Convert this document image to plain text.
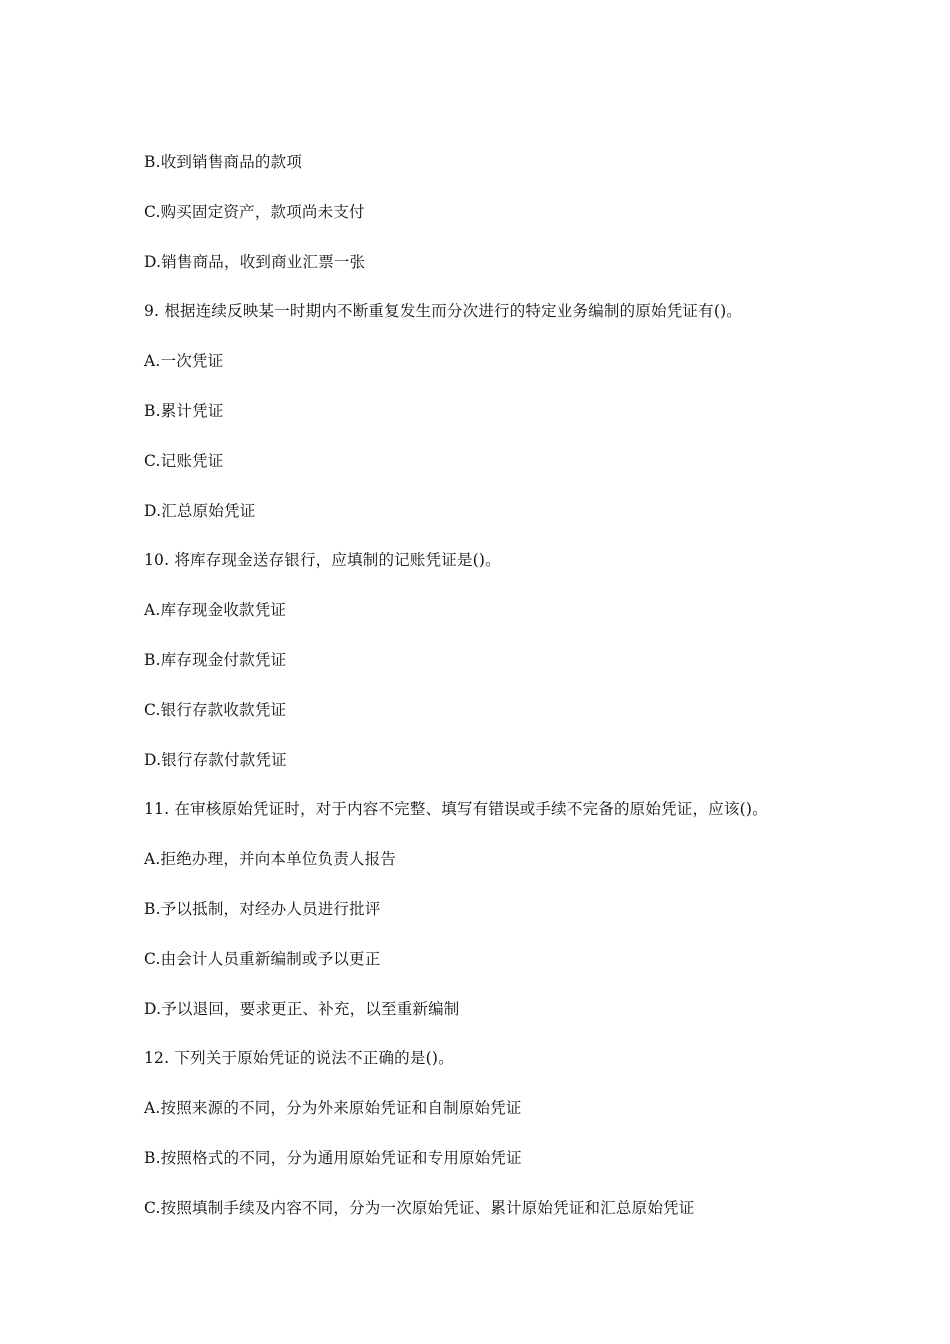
B.收到销售商品的款项
C.购买固定资产，款项尚未支付
D.销售商品，收到商业汇票一张
9. 根据连续反映某一时期内不断重复发生而分次进行的特定业务编制的原始凭证有()。
A.一次凭证
B.累计凭证
C.记账凭证
D.汇总原始凭证
10. 将库存现金送存银行，应填制的记账凭证是()。
A.库存现金收款凭证
B.库存现金付款凭证
C.银行存款收款凭证
D.银行存款付款凭证
11. 在审核原始凭证时，对于内容不完整、填写有错误或手续不完备的原始凭证，应该()。
A.拒绝办理，并向本单位负责人报告
B.予以抵制，对经办人员进行批评
C.由会计人员重新编制或予以更正
D.予以退回，要求更正、补充，以至重新编制
12. 下列关于原始凭证的说法不正确的是()。
A.按照来源的不同，分为外来原始凭证和自制原始凭证
B.按照格式的不同，分为通用原始凭证和专用原始凭证
C.按照填制手续及内容不同，分为一次原始凭证、累计原始凭证和汇总原始凭证
